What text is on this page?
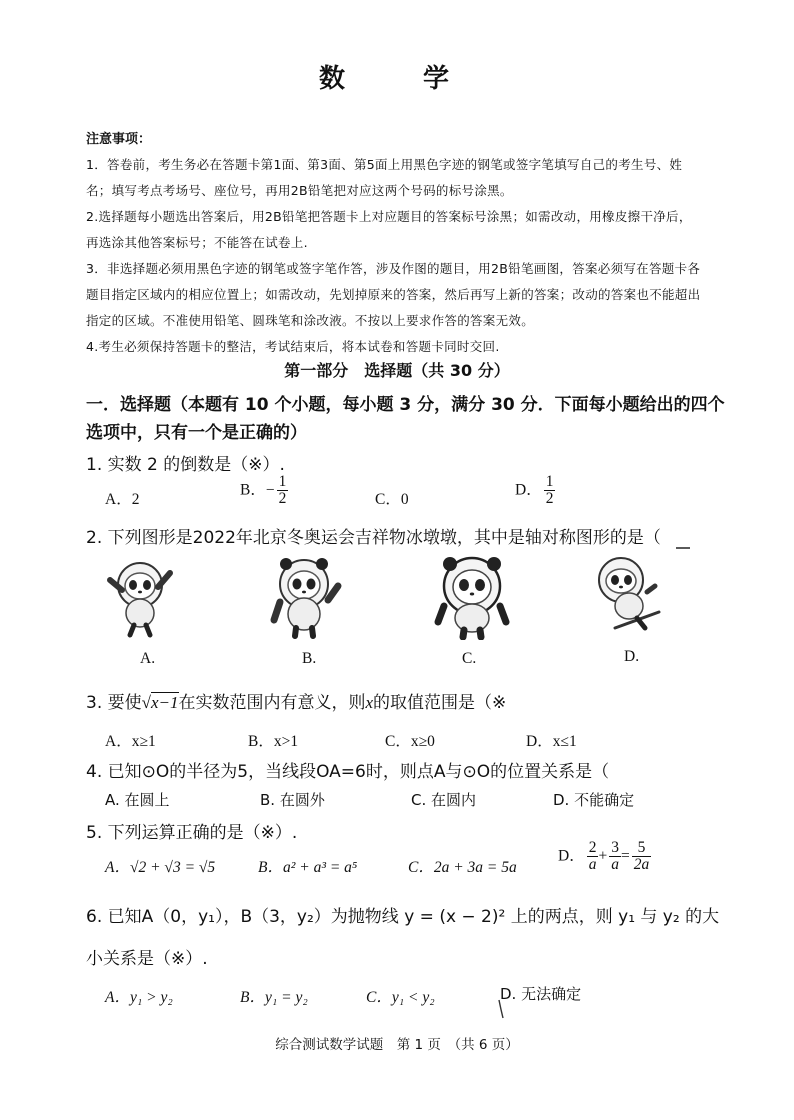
数　学
注意事项：
1．答卷前，考生务必在答题卡第1面、第3面、第5面上用黑色字迹的钢笔或签字笔填写自己的考生号、姓
名；填写考点考场号、座位号，再用2B铅笔把对应这两个号码的标号涂黑。
2.选择题每小题选出答案后，用2B铅笔把答题卡上对应题目的答案标号涂黑；如需改动，用橡皮擦干净后，
再选涂其他答案标号；不能答在试卷上.
3．非选择题必须用黑色字迹的钢笔或签字笔作答，涉及作图的题目，用2B铅笔画图，答案必须写在答题卡各
题目指定区域内的相应位置上；如需改动，先划掉原来的答案，然后再写上新的答案；改动的答案也不能超出
指定的区域。不准使用铅笔、圆珠笔和涂改液。不按以上要求作答的答案无效。
4.考生必须保持答题卡的整洁，考试结束后，将本试卷和答题卡同时交回.
第一部分　选择题（共 30 分）
一．选择题（本题有 10 个小题，每小题 3 分，满分 30 分．下面每小题给出的四个
选项中，只有一个是正确的）
1. 实数 2 的倒数是（※）.
A．2
B．− $\frac{1}{2}$	C．0
D． $\frac{1}{2}$
2. 下列图形是2022年北京冬奥运会吉祥物冰墩墩，其中是轴对称图形的是（
A.	B.	C.	D.
3. 要使√x−1在实数范围内有意义，则x的取值范围是（※
A．x≥1	B．x>1	C．x≥0	D．x≤1
4. 已知⊙O的半径为5，当线段OA=6时，则点A与⊙O的位置关系是（
A. 在圆上	B. 在圆外	C. 在圆内	D. 不能确定
5. 下列运算正确的是（※）.
A．√2 + √3 = √5	B．a² + a³ = a⁵	C．2a + 3a = 5a
D． $\frac{2}{a} + \frac{3}{a} = \frac{5}{2a}$
6. 已知A（0，y₁），B（3，y₂）为抛物线 y = (x − 2)² 上的两点，则 y₁ 与 y₂ 的大
小关系是（※）.
A．y₁ > y₂	B．y₁ = y₂	C．y₁ < y₂	D. 无法确定
综合测试数学试题　第 1 页　（共 6 页）
